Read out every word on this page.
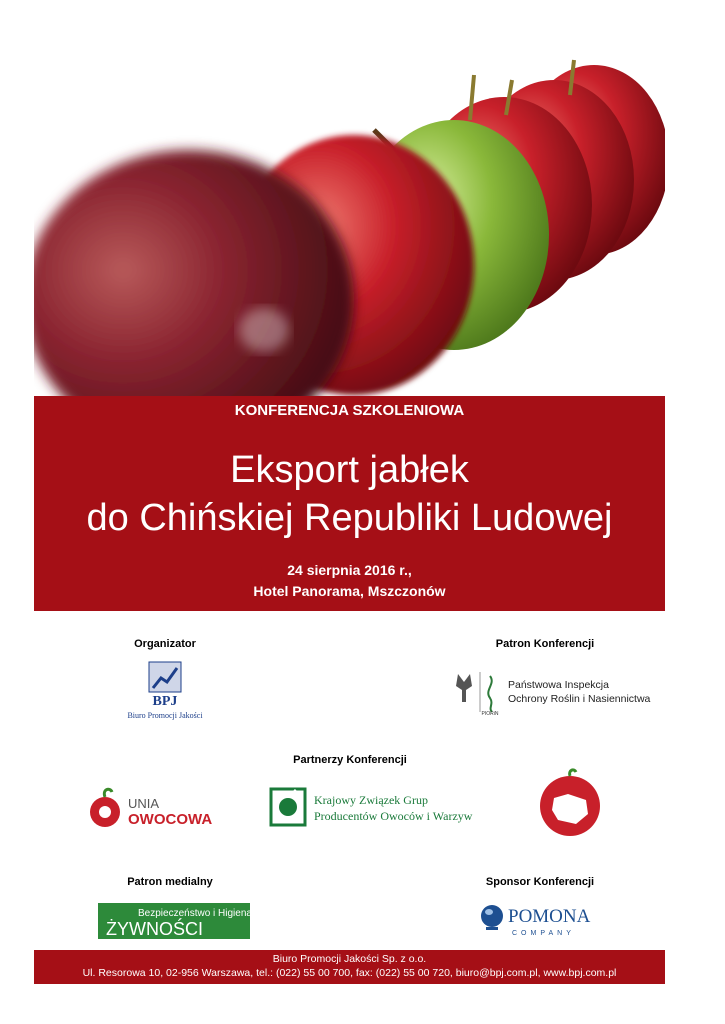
KONFERENCJA SZKOLENIOWA
Eksport jabłek
do Chińskiej Republiki Ludowej
24 sierpnia 2016 r.,
Hotel Panorama, Mszczonów
Organizator
BPJ
Biuro Promocji Jakości
Patron Konferencji
PIORiN
Państwowa Inspekcja
Ochrony Roślin i Nasiennictwa
Partnerzy Konferencji
UNIA
OWOCOWA
Krajowy Związek Grup
Producentów Owoców i Warzyw
Patron medialny
Bezpieczeństwo i Higiena
ŻYWNOŚCI
Sponsor Konferencji
POMONA
COMPANY
Biuro Promocji Jakości Sp. z o.o.
Ul. Resorowa 10, 02-956 Warszawa, tel.: (022) 55 00 700, fax: (022) 55 00 720, biuro@bpj.com.pl, www.bpj.com.pl
